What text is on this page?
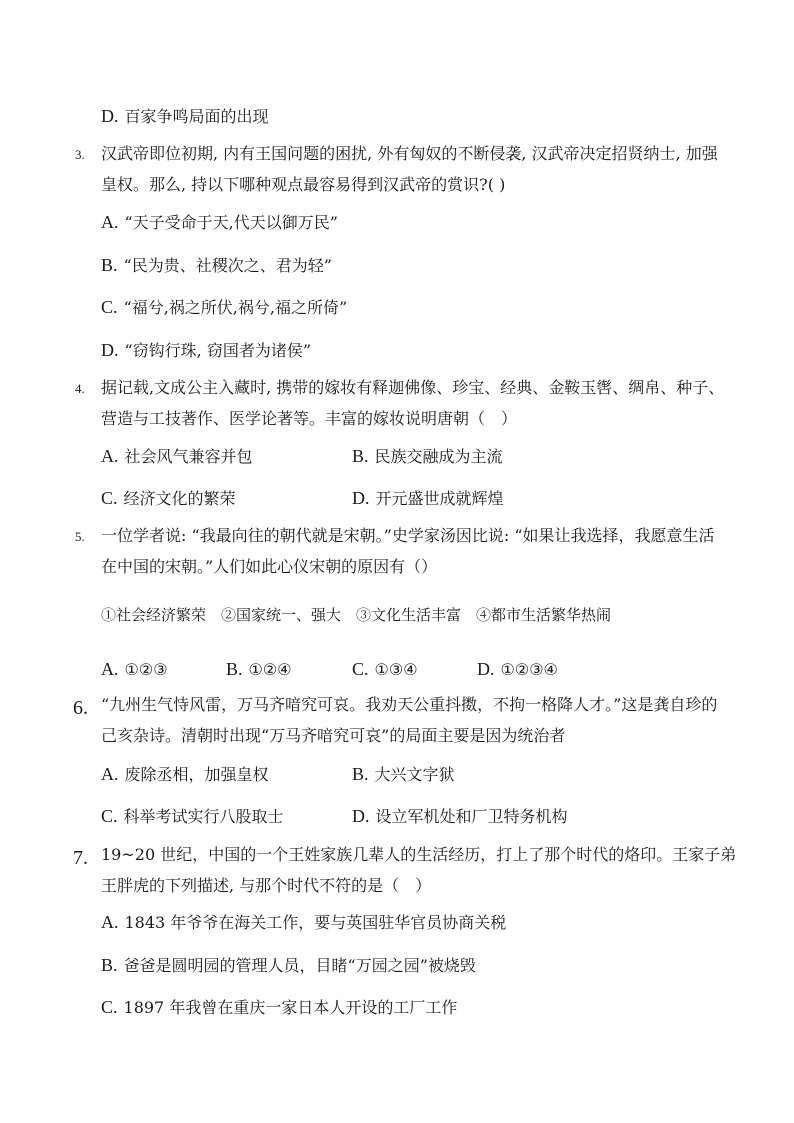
D. 百家争鸣局面的出现
3. 汉武帝即位初期, 内有王国问题的困扰, 外有匈奴的不断侵袭, 汉武帝决定招贤纳士, 加强
皇权。那么, 持以下哪种观点最容易得到汉武帝的赏识?( )
A. “天子受命于天,代天以御万民”
B. “民为贵、社稷次之、君为轻”
C. “福兮,祸之所伏,祸兮,福之所倚”
D. “窃钩行珠, 窃国者为诸侯”
4. 据记载,文成公主入藏时, 携带的嫁妆有释迦佛像、珍宝、经典、金鞍玉辔、绸帛、种子、
营造与工技著作、医学论著等。丰富的嫁妆说明唐朝（　）
A. 社会风气兼容并包	B. 民族交融成为主流
C. 经济文化的繁荣	D. 开元盛世成就辉煌
5. 一位学者说: “我最向往的朝代就是宋朝。”史学家汤因比说: “如果让我选择，我愿意生活
在中国的宋朝。”人们如此心仪宋朝的原因有（）
①社会经济繁荣　②国家统一、强大　③文化生活丰富　④都市生活繁华热闹
A. ①②③	B. ①②④	C. ①③④	D. ①②③④
6. “九州生气恃风雷，万马齐喑究可哀。我劝天公重抖擞，不拘一格降人才。”这是龚自珍的
己亥杂诗。清朝时出现“万马齐喑究可哀”的局面主要是因为统治者
A. 废除丞相，加强皇权	B. 大兴文字狱
C. 科举考试实行八股取士	D. 设立军机处和厂卫特务机构
7. 19~20 世纪，中国的一个王姓家族几辈人的生活经历，打上了那个时代的烙印。王家子弟
王胖虎的下列描述, 与那个时代不符的是（　）
A. 1843 年爷爷在海关工作，要与英国驻华官员协商关税
B. 爸爸是圆明园的管理人员，目睹“万园之园”被烧毁
C. 1897 年我曾在重庆一家日本人开设的工厂工作
